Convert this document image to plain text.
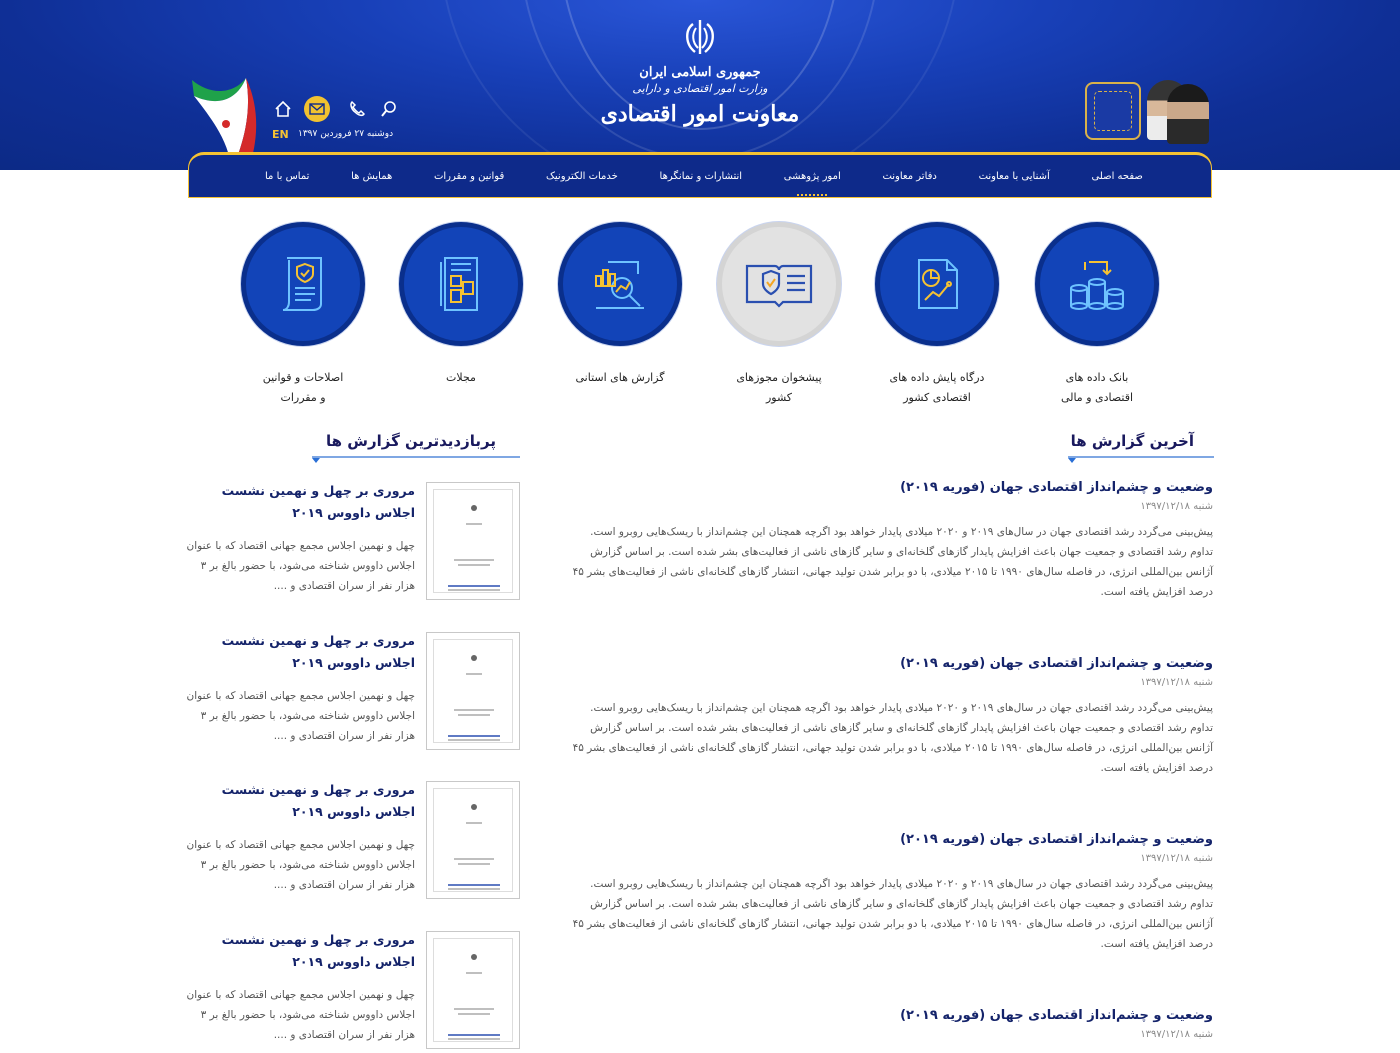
EN دوشنبه ۲۷ فروردین ۱۳۹۷
جمهوری اسلامی ایران
وزارت امور اقتصادی و دارایی
معاونت امور اقتصادی
صفحه اصلی
آشنایی با معاونت
دفاتر معاونت
امور پژوهشی
انتشارات و نمانگرها
خدمات الکترونیک
قوانین و مقررات
همایش ها
تماس با ما
بانک داده های
اقتصادی و مالی
درگاه پایش داده های
اقتصادی کشور
پیشخوان مجوزهای
کشور
گزارش های استانی
مجلات
اصلاحات و قوانین
و مقررات
آخرین گزارش ها
وضعیت و چشم‌انداز اقتصادی جهان (فوریه ۲۰۱۹)
شنبه ۱۳۹۷/۱۲/۱۸
پیش‌بینی می‌گردد رشد اقتصادی جهان در سال‌های ۲۰۱۹ و ۲۰۲۰ میلادی پایدار خواهد بود اگرچه همچنان این چشم‌انداز با ریسک‌هایی روبرو است.
تداوم رشد اقتصادی و جمعیت جهان باعث افزایش پایدار گازهای گلخانه‌ای و سایر گازهای ناشی از فعالیت‌های بشر شده است. بر اساس گزارش آژانس بین‌المللی انرژی، در فاصله سال‌های ۱۹۹۰ تا ۲۰۱۵ میلادی، با دو برابر شدن تولید جهانی، انتشار گازهای گلخانه‌ای ناشی از فعالیت‌های بشر ۴۵ درصد افزایش یافته است.
وضعیت و چشم‌انداز اقتصادی جهان (فوریه ۲۰۱۹)
شنبه ۱۳۹۷/۱۲/۱۸
پیش‌بینی می‌گردد رشد اقتصادی جهان در سال‌های ۲۰۱۹ و ۲۰۲۰ میلادی پایدار خواهد بود اگرچه همچنان این چشم‌انداز با ریسک‌هایی روبرو است.
تداوم رشد اقتصادی و جمعیت جهان باعث افزایش پایدار گازهای گلخانه‌ای و سایر گازهای ناشی از فعالیت‌های بشر شده است. بر اساس گزارش آژانس بین‌المللی انرژی، در فاصله سال‌های ۱۹۹۰ تا ۲۰۱۵ میلادی، با دو برابر شدن تولید جهانی، انتشار گازهای گلخانه‌ای ناشی از فعالیت‌های بشر ۴۵ درصد افزایش یافته است.
وضعیت و چشم‌انداز اقتصادی جهان (فوریه ۲۰۱۹)
شنبه ۱۳۹۷/۱۲/۱۸
پیش‌بینی می‌گردد رشد اقتصادی جهان در سال‌های ۲۰۱۹ و ۲۰۲۰ میلادی پایدار خواهد بود اگرچه همچنان این چشم‌انداز با ریسک‌هایی روبرو است.
تداوم رشد اقتصادی و جمعیت جهان باعث افزایش پایدار گازهای گلخانه‌ای و سایر گازهای ناشی از فعالیت‌های بشر شده است. بر اساس گزارش آژانس بین‌المللی انرژی، در فاصله سال‌های ۱۹۹۰ تا ۲۰۱۵ میلادی، با دو برابر شدن تولید جهانی، انتشار گازهای گلخانه‌ای ناشی از فعالیت‌های بشر ۴۵ درصد افزایش یافته است.
وضعیت و چشم‌انداز اقتصادی جهان (فوریه ۲۰۱۹)
شنبه ۱۳۹۷/۱۲/۱۸
پربازدیدترین گزارش ها
مروری بر چهل و نهمین نشست اجلاس داووس ۲۰۱۹
چهل و نهمین اجلاس مجمع جهانی اقتصاد که با عنوان اجلاس داووس شناخته می‌شود، با حضور بالغ بر ۳ هزار نفر از سران اقتصادی و ....
مروری بر چهل و نهمین نشست اجلاس داووس ۲۰۱۹
چهل و نهمین اجلاس مجمع جهانی اقتصاد که با عنوان اجلاس داووس شناخته می‌شود، با حضور بالغ بر ۳ هزار نفر از سران اقتصادی و ....
مروری بر چهل و نهمین نشست اجلاس داووس ۲۰۱۹
چهل و نهمین اجلاس مجمع جهانی اقتصاد که با عنوان اجلاس داووس شناخته می‌شود، با حضور بالغ بر ۳ هزار نفر از سران اقتصادی و ....
مروری بر چهل و نهمین نشست اجلاس داووس ۲۰۱۹
چهل و نهمین اجلاس مجمع جهانی اقتصاد که با عنوان اجلاس داووس شناخته می‌شود، با حضور بالغ بر ۳ هزار نفر از سران اقتصادی و ....
